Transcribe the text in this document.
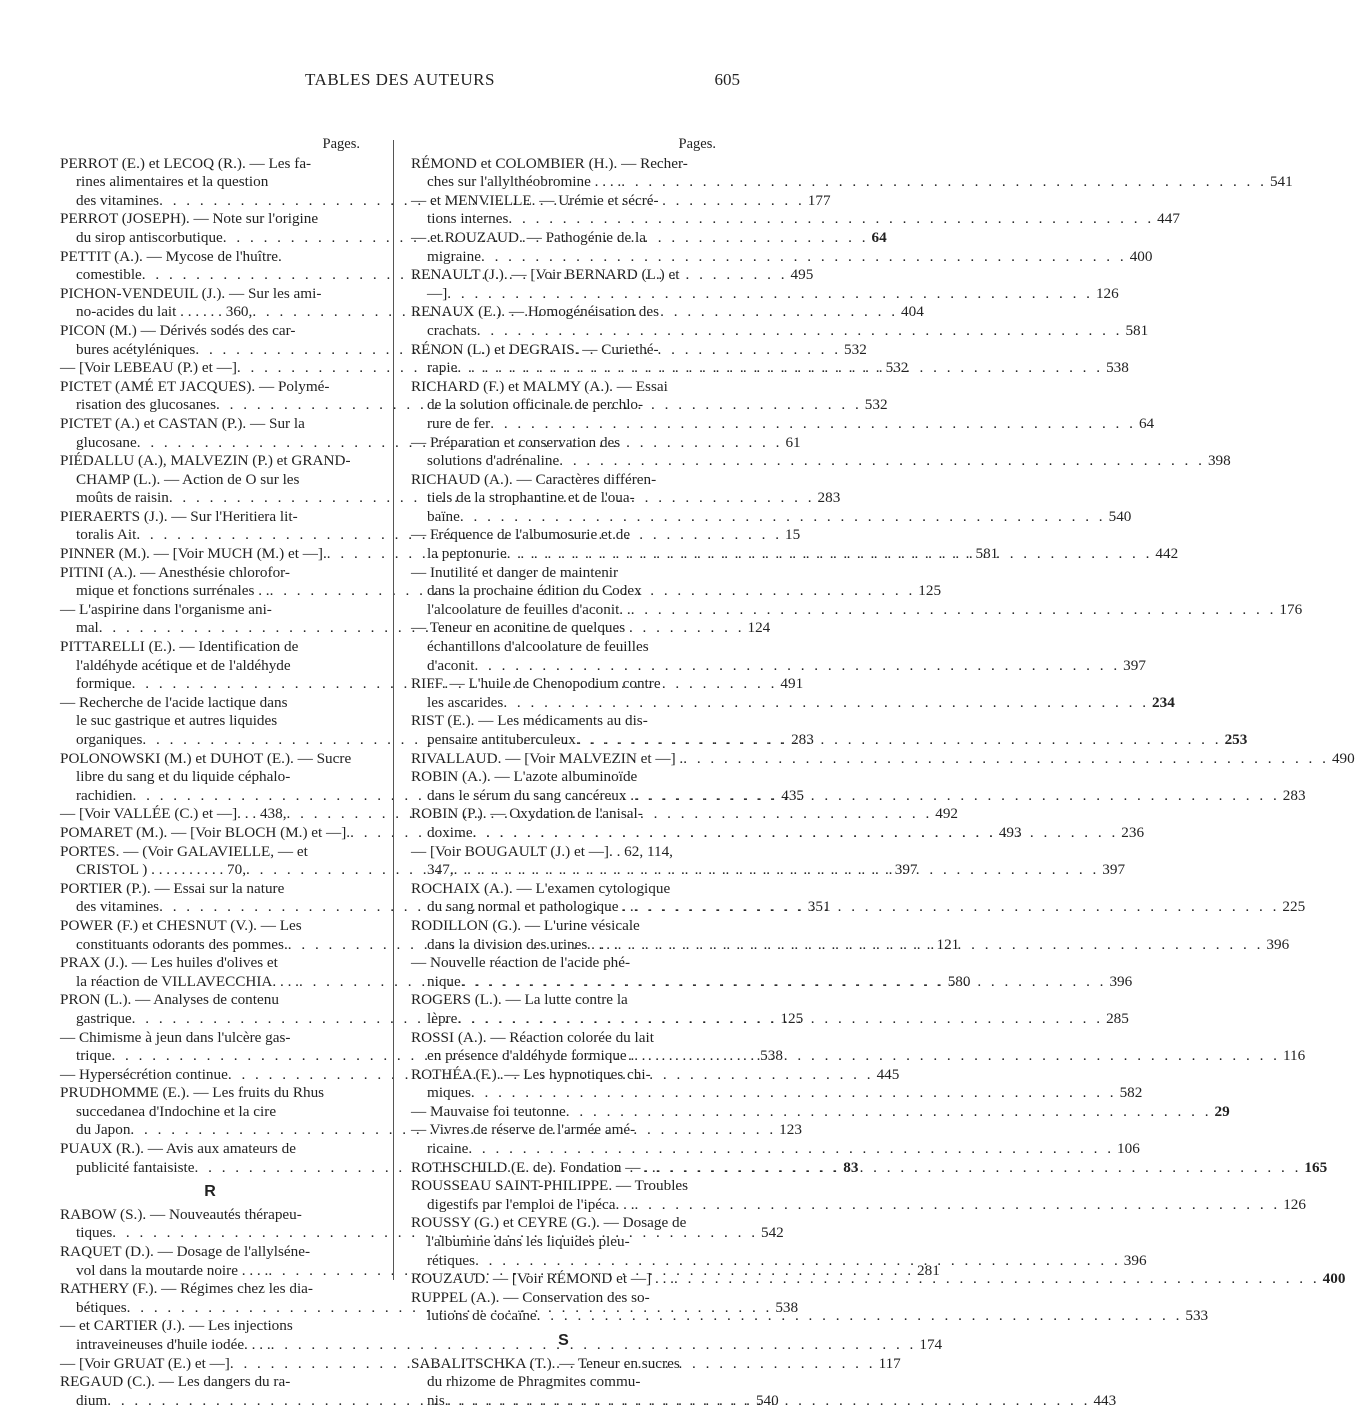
TABLES DES AUTEURS	605
Pages.
PERROT (E.) et LECOQ (R.). — Les fa-
rines alimentaires et la question
des vitamines . . .	177
PERROT (JOSEPH). — Note sur l'origine
du sirop antiscorbutique . . .	64
PETTIT (A.). — Mycose de l'huître.
comestible . . .	495
PICHON-VENDEUIL (J.). — Sur les ami-
no-acides du lait . . . . . . 360, . . .	404
PICON (M.) — Dérivés sodés des car-
bures acétyléniques . . .	532
— [Voir LEBEAU (P.) et —] . . .	532
PICTET (AMÉ ET JACQUES). — Polymé-
risation des glucosanes . . .	532
PICTET (A.) et CASTAN (P.). — Sur la
glucosane . . .	61
PIÉDALLU (A.), MALVEZIN (P.) et GRAND-
CHAMP (L.). — Action de O sur les
moûts de raisin . . .	283
PIERAERTS (J.). — Sur l'Heritiera lit-
toralis Ait . . .	15
PINNER (M.). — [Voir MUCH (M.) et —]. . . .	581
PITINI (A.). — Anesthésie chlorofor-
mique et fonctions surrénales . . . . .	125
— L'aspirine dans l'organisme ani-
mal . . .	124
PITTARELLI (E.). — Identification de
l'aldéhyde acétique et de l'aldéhyde
formique . . .	491
— Recherche de l'acide lactique dans
le suc gastrique et autres liquides
organiques . . .	283
POLONOWSKI (M.) et DUHOT (E.). — Sucre
libre du sang et du liquide céphalo-
rachidien . . .	435
— [Voir VALLÉE (C.) et —]. . . 438, . . .	492
POMARET (M.). — [Voir BLOCH (M.) et —]. . . .	493
PORTES. — (Voir GALAVIELLE, — et
CRISTOL ) . . . . . . . . . . 70, . . .	397
PORTIER (P.). — Essai sur la nature
des vitamines . . .	351
POWER (F.) et CHESNUT (V.). — Les
constituants odorants des pommes. . . .	121
PRAX (J.). — Les huiles d'olives et
la réaction de VILLAVECCHIA. . . . . . .	580
PRON (L.). — Analyses de contenu
gastrique . . .	125
— Chimisme à jeun dans l'ulcère gas-
trique . . .	538
— Hypersécrétion continue . . .	445
PRUDHOMME (E.). — Les fruits du Rhus
succedanea d'Indochine et la cire
du Japon . . .	123
PUAUX (R.). — Avis aux amateurs de
publicité fantaisiste . . .	83
R
RABOW (S.). — Nouveautés thérapeu-
tiques . . .	542
RAQUET (D.). — Dosage de l'allylséne-
vol dans la moutarde noire . . . . . . .	281
RATHERY (F.). — Régimes chez les dia-
bétiques . . .	538
— et CARTIER (J.). — Les injections
intraveineuses d'huile iodée. . . . . . .	174
— [Voir GRUAT (E.) et —] . . .	117
REGAUD (C.). — Les dangers du ra-
dium . . .	540
Pages.
RÉMOND et COLOMBIER (H.). — Recher-
ches sur l'allylthéobromine . . . . . . .	541
— et MENVIELLE. — Urémie et sécré-
tions internes . . .	447
— et ROUZAUD. — Pathogénie de la
migraine . . .	400
RENAULT (J.). — [Voir BERNARD (L.) et
—] . . .	126
RENAUX (E.). — Homogénéisation des
crachats . . .	581
RÉNON (L.) et DEGRAIS. — Curiethé-
rapie . . .	538
RICHARD (F.) et MALMY (A.). — Essai
de la solution officinale de perchlo-
rure de fer . . .	64
— Préparation et conservation des
solutions d'adrénaline . . .	398
RICHAUD (A.). — Caractères différen-
tiels de la strophantine et de l'oua-
baïne . . .	540
— Fréquence de l'albumosurie et de
la peptonurie . . .	442
— Inutilité et danger de maintenir
dans la prochaine édition du Codex
l'alcoolature de feuilles d'aconit. . . . .	176
— Teneur en aconitine de quelques
échantillons d'alcoolature de feuilles
d'aconit . . .	397
RIFF. — L'huile de Chenopodium contre
les ascarides . . .	234
RIST (E.). — Les médicaments au dis-
pensaire antituberculeux . . .	253
RIVALLAUD. — [Voir MALVEZIN et —] . . . .	490
ROBIN (A.). — L'azote albuminoïde
dans le sérum du sang cancéreux . . . .	283
ROBIN (P.). — Oxydation de l'anisal-
doxime . . .	236
— [Voir BOUGAULT (J.) et —]. . 62, 114,
347, . . .	397
ROCHAIX (A.). — L'examen cytologique
du sang normal et pathologique . . . . .	225
RODILLON (G.). — L'urine vésicale
dans la division des urines . . . . . . .	396
— Nouvelle réaction de l'acide phé-
nique . . .	396
ROGERS (L.). — La lutte contre la
lèpre . . .	285
ROSSI (A.). — Réaction colorée du lait
en présence d'aldéhyde formique . . . .	116
ROTHÉA (F.). — Les hypnotiques chi-
miques . . .	582
— Mauvaise foi teutonne . . .	29
— Vivres de réserve de l'armée amé-
ricaine . . .	106
ROTHSCHILD (E. de). Fondation — . . . . .	165
ROUSSEAU SAINT-PHILIPPE. — Troubles
digestifs par l'emploi de l'ipéca. . . . . .	126
ROUSSY (G.) et CEYRE (G.). — Dosage de
l'albumine dans les liquides pleu-
rétiques . . .	396
ROUZAUD. — [Voir RÉMOND et —] . . . . . .	400
RUPPEL (A.). — Conservation des so-
lutions de cocaïne . . .	533
S
SABALITSCHKA (T.). — Teneur en sucres
du rhizome de Phragmites commu-
nis . . .	443
